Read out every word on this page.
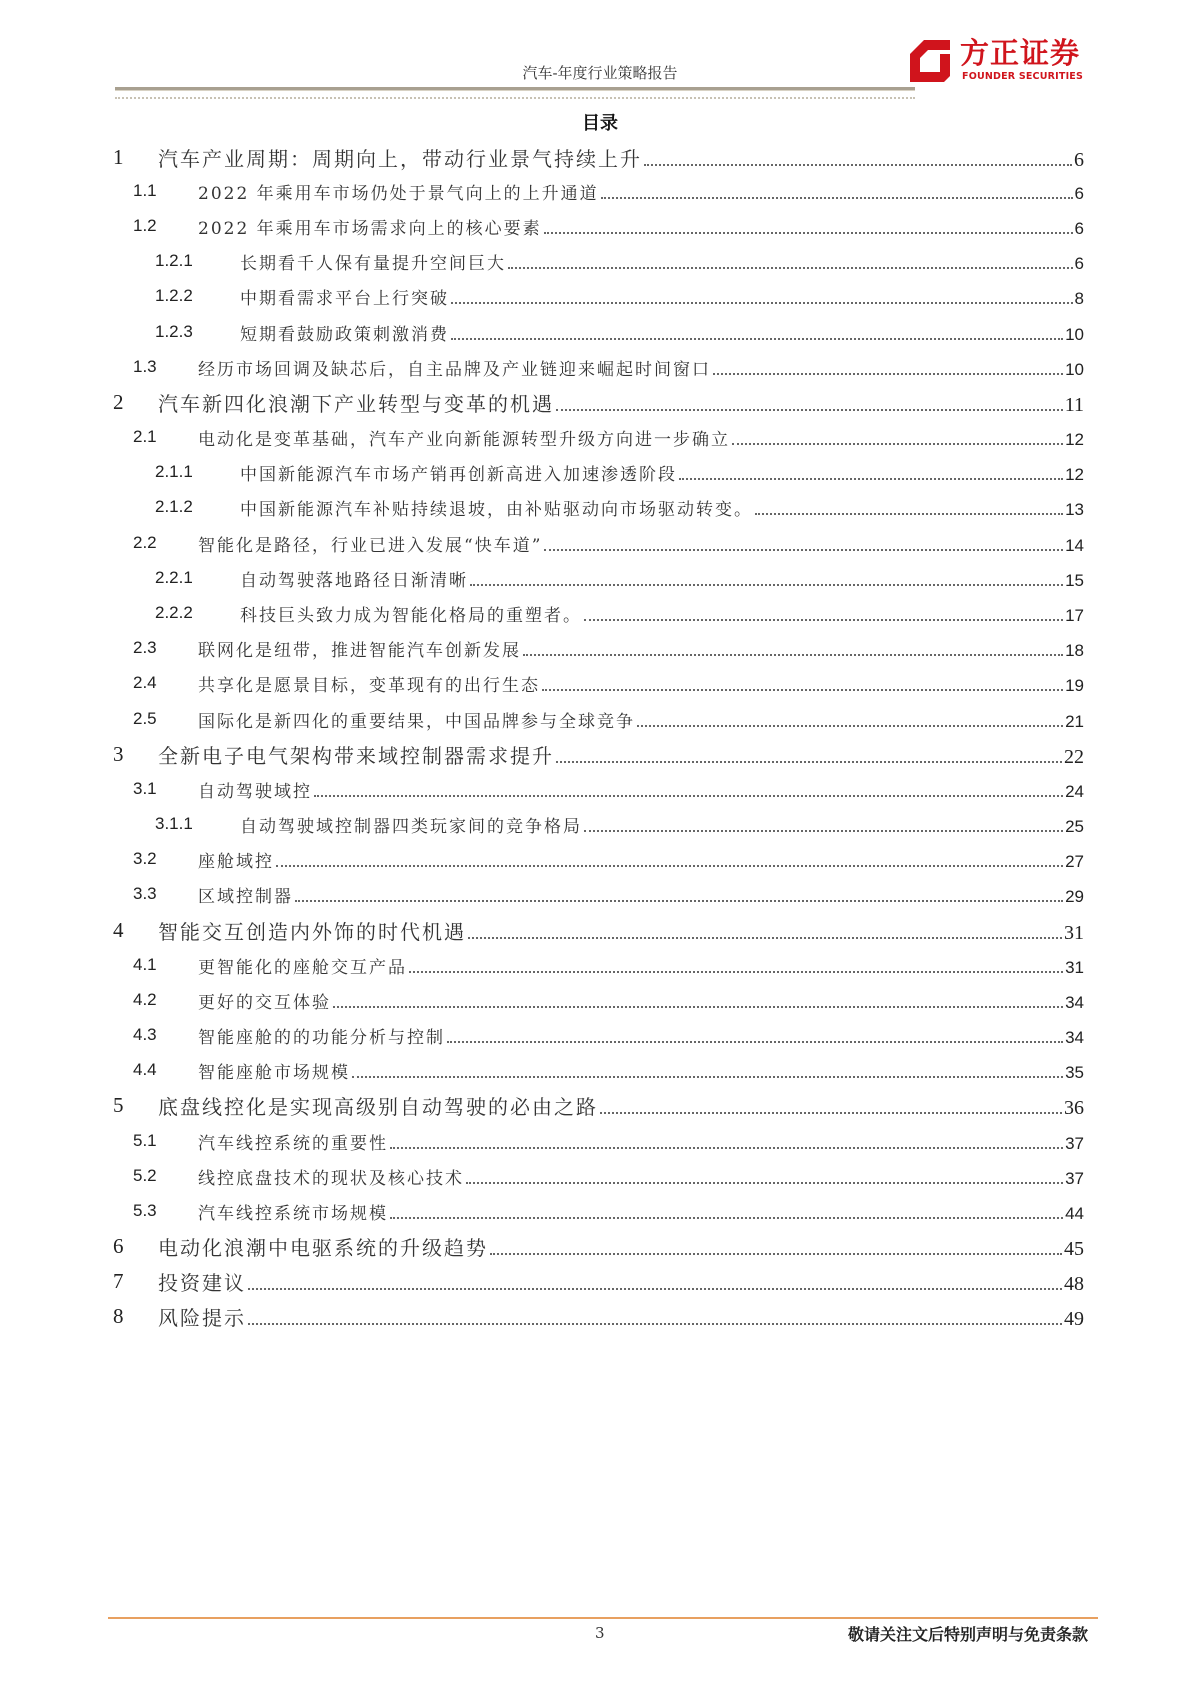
汽车-年度行业策略报告
方正证券
FOUNDER SECURITIES
目录
1 汽车产业周期：周期向上，带动行业景气持续上升	6
1.1 2022 年乘用车市场仍处于景气向上的上升通道	6
1.2 2022 年乘用车市场需求向上的核心要素	6
1.2.1	长期看千人保有量提升空间巨大	6
1.2.2	中期看需求平台上行突破	8
1.2.3	短期看鼓励政策刺激消费	10
1.3 经历市场回调及缺芯后，自主品牌及产业链迎来崛起时间窗口	10
2 汽车新四化浪潮下产业转型与变革的机遇	11
2.1 电动化是变革基础，汽车产业向新能源转型升级方向进一步确立	12
2.1.1	中国新能源汽车市场产销再创新高进入加速渗透阶段	12
2.1.2	中国新能源汽车补贴持续退坡，由补贴驱动向市场驱动转变。	13
2.2 智能化是路径，行业已进入发展“快车道”	14
2.2.1	自动驾驶落地路径日渐清晰	15
2.2.2	科技巨头致力成为智能化格局的重塑者。	17
2.3 联网化是纽带，推进智能汽车创新发展	18
2.4 共享化是愿景目标，变革现有的出行生态	19
2.5 国际化是新四化的重要结果，中国品牌参与全球竞争	21
3 全新电子电气架构带来域控制器需求提升	22
3.1 自动驾驶域控	24
3.1.1	自动驾驶域控制器四类玩家间的竞争格局	25
3.2 座舱域控	27
3.3 区域控制器	29
4 智能交互创造内外饰的时代机遇	31
4.1 更智能化的座舱交互产品	31
4.2 更好的交互体验	34
4.3 智能座舱的的功能分析与控制	34
4.4 智能座舱市场规模	35
5 底盘线控化是实现高级别自动驾驶的必由之路	36
5.1 汽车线控系统的重要性	37
5.2 线控底盘技术的现状及核心技术	37
5.3 汽车线控系统市场规模	44
6 电动化浪潮中电驱系统的升级趋势	45
7 投资建议	48
8 风险提示	49
3	敬请关注文后特别声明与免责条款
